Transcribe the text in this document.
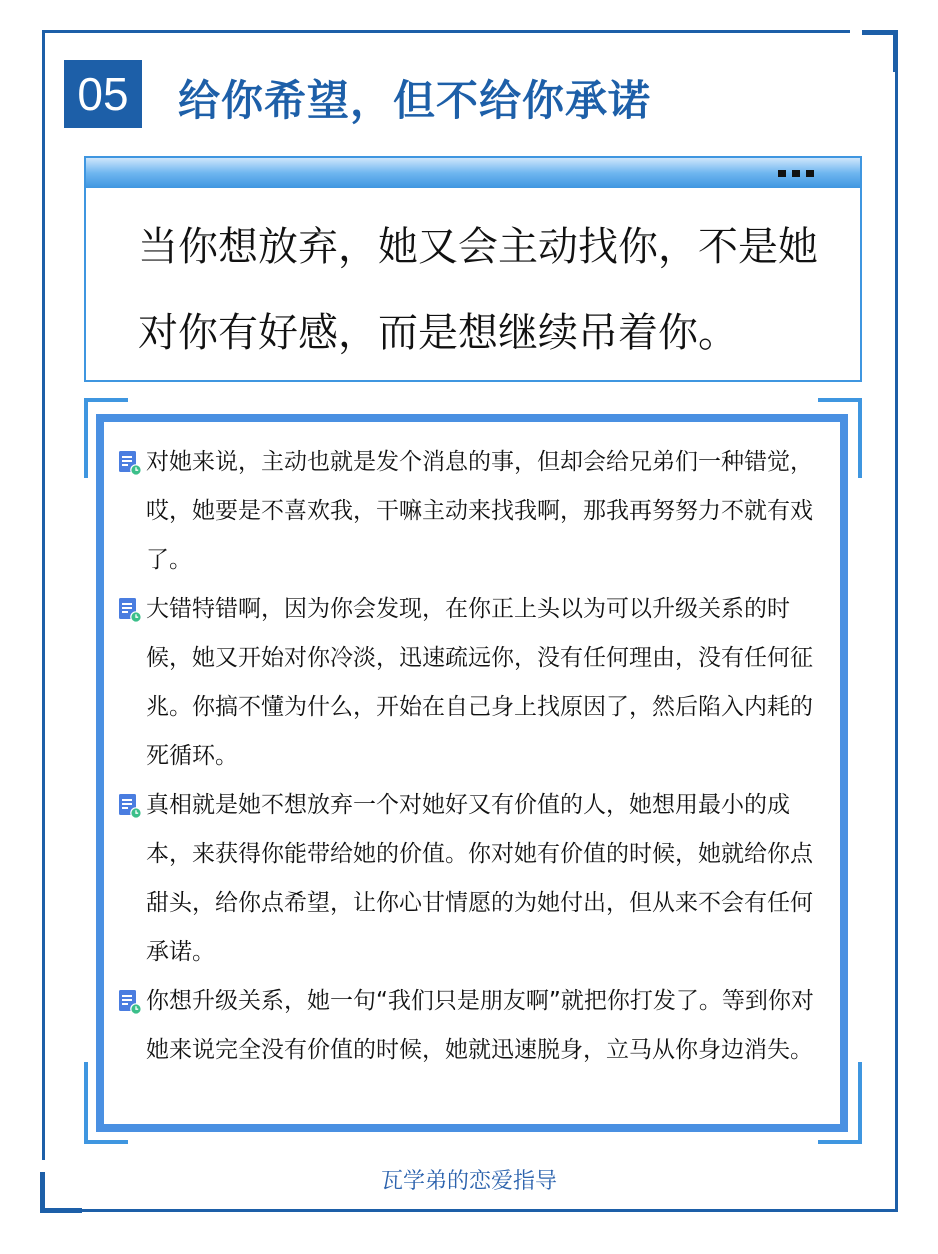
05	给你希望，但不给你承诺
当你想放弃，她又会主动找你，不是她对你有好感，而是想继续吊着你。
对她来说，主动也就是发个消息的事，但却会给兄弟们一种错觉，哎，她要是不喜欢我，干嘛主动来找我啊，那我再努努力不就有戏了。
大错特错啊，因为你会发现，在你正上头以为可以升级关系的时候，她又开始对你冷淡，迅速疏远你，没有任何理由，没有任何征兆。你搞不懂为什么，开始在自己身上找原因了，然后陷入内耗的死循环。
真相就是她不想放弃一个对她好又有价值的人，她想用最小的成本，来获得你能带给她的价值。你对她有价值的时候，她就给你点甜头，给你点希望，让你心甘情愿的为她付出，但从来不会有任何承诺。
你想升级关系，她一句“我们只是朋友啊”就把你打发了。等到你对她来说完全没有价值的时候，她就迅速脱身，立马从你身边消失。
瓦学弟的恋爱指导
